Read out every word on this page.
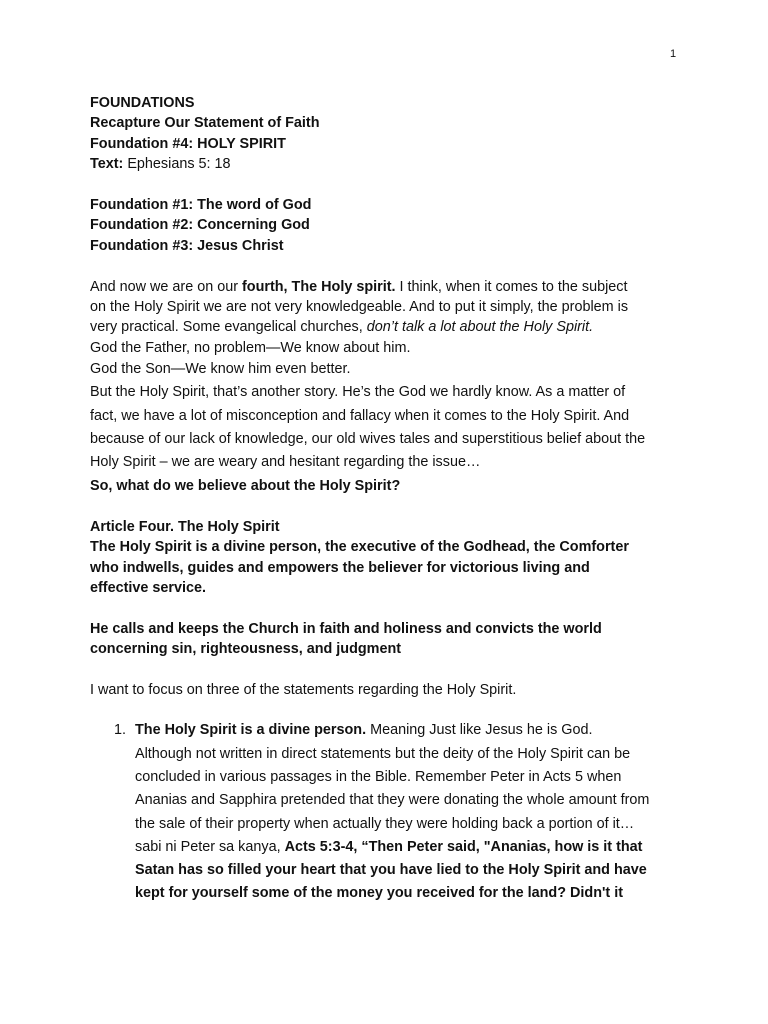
1
FOUNDATIONS
Recapture Our Statement of Faith
Foundation #4: HOLY SPIRIT
Text: Ephesians 5: 18
Foundation #1: The word of God
Foundation #2: Concerning God
Foundation #3: Jesus Christ
And now we are on our fourth, The Holy spirit. I think, when it comes to the subject
on the Holy Spirit we are not very knowledgeable. And to put it simply, the problem is
very practical. Some evangelical churches, don’t talk a lot about the Holy Spirit.
God the Father, no problem—We know about him.
God the Son—We know him even better.
But the Holy Spirit, that’s another story. He’s the God we hardly know. As a matter of
fact, we have a lot of misconception and fallacy when it comes to the Holy Spirit. And
because of our lack of knowledge, our old wives tales and superstitious belief about the
Holy Spirit – we are weary and hesitant regarding the issue…
So, what do we believe about the Holy Spirit?
Article Four. The Holy Spirit
The Holy Spirit is a divine person, the executive of the Godhead, the Comforter
who indwells, guides and empowers the believer for victorious living and
effective service.
He calls and keeps the Church in faith and holiness and convicts the world
concerning sin, righteousness, and judgment
I want to focus on three of the statements regarding the Holy Spirit.
1. The Holy Spirit is a divine person. Meaning Just like Jesus he is God.
Although not written in direct statements but the deity of the Holy Spirit can be
concluded in various passages in the Bible. Remember Peter in Acts 5 when
Ananias and Sapphira pretended that they were donating the whole amount from
the sale of their property when actually they were holding back a portion of it…
sabi ni Peter sa kanya, Acts 5:3-4, “Then Peter said, "Ananias, how is it that
Satan has so filled your heart that you have lied to the Holy Spirit and have
kept for yourself some of the money you received for the land? Didn't it
